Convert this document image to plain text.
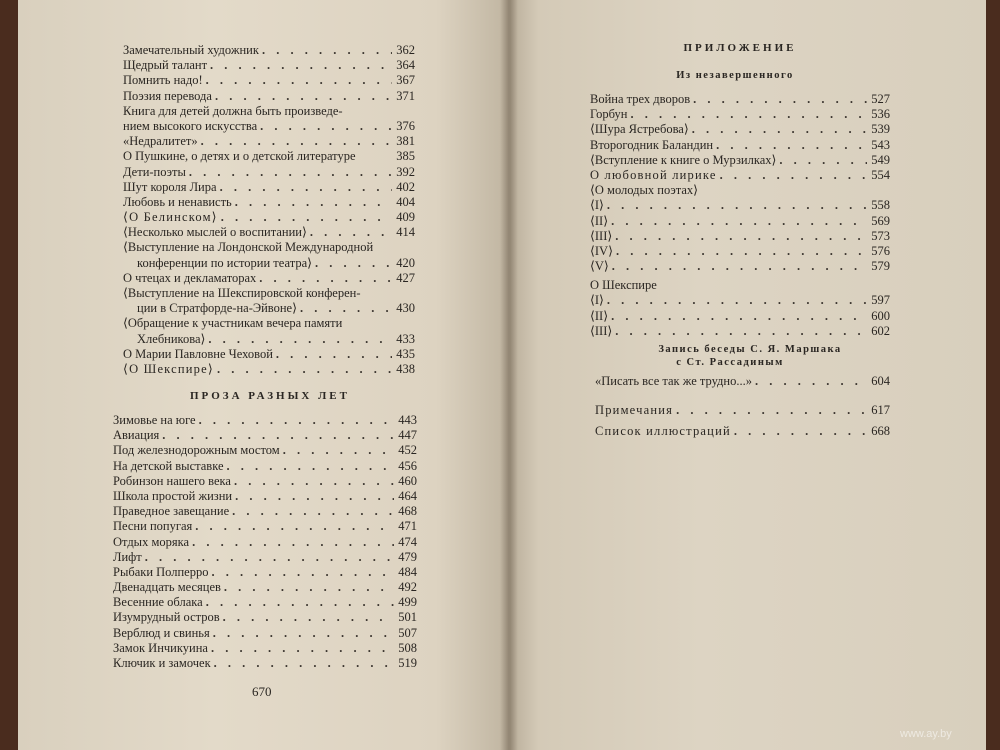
Замечательный художник . . .	362
Щедрый талант . . .	364
Помнить надо! . . .	367
Поэзия перевода . . .	371
Книга для детей должна быть произведе-
нием высокого искусства . . .	376
«Недралитет» . . .	381
О Пушкине, о детях и о детской литературе	385
Дети-поэты . . .	392
Шут короля Лира . . .	402
Любовь и ненависть . . .	404
⟨О Белинском⟩ . . .	409
⟨Несколько мыслей о воспитании⟩ . . .	414
⟨Выступление на Лондонской Международной
конференции по истории театра⟩ . . .	420
О чтецах и декламаторах . . .	427
⟨Выступление на Шекспировской конферен-
ции в Стратфорде-на-Эйвоне⟩ . . .	430
⟨Обращение к участникам вечера памяти
Хлебникова⟩ . . .	433
О Марии Павловне Чеховой . . .	435
⟨О Шекспире⟩ . . .	438
ПРОЗА РАЗНЫХ ЛЕТ
Зимовье на юге . . .	443
Авиация . . .	447
Под железнодорожным мостом . . .	452
На детской выставке . . .	456
Робинзон нашего века . . .	460
Школа простой жизни . . .	464
Праведное завещание . . .	468
Песни попугая . . .	471
Отдых моряка . . .	474
Лифт . . .	479
Рыбаки Полперро . . .	484
Двенадцать месяцев . . .	492
Весенние облака . . .	499
Изумрудный остров . . .	501
Верблюд и свинья . . .	507
Замок Инчикуина . . .	508
Ключик и замочек . . .	519
670
ПРИЛОЖЕНИЕ
Из незавершенного
Война трех дворов . . .	527
Горбун . . .	536
⟨Шура Ястребова⟩ . . .	539
Второгодник Баландин . . .	543
⟨Вступление к книге о Мурзилках⟩ . . .	549
О любовной лирике . . .	554
⟨О молодых поэтах⟩
⟨I⟩ . . .	558
⟨II⟩ . . .	569
⟨III⟩ . . .	573
⟨IV⟩ . . .	576
⟨V⟩ . . .	579
О Шекспире
⟨I⟩ . . .	597
⟨II⟩ . . .	600
⟨III⟩ . . .	602
Запись беседы С. Я. Маршака
с Ст. Рассадиным
«Писать все так же трудно...» . . .	604
Примечания . . .	617
Список иллюстраций . . .	668
www.ay.by
